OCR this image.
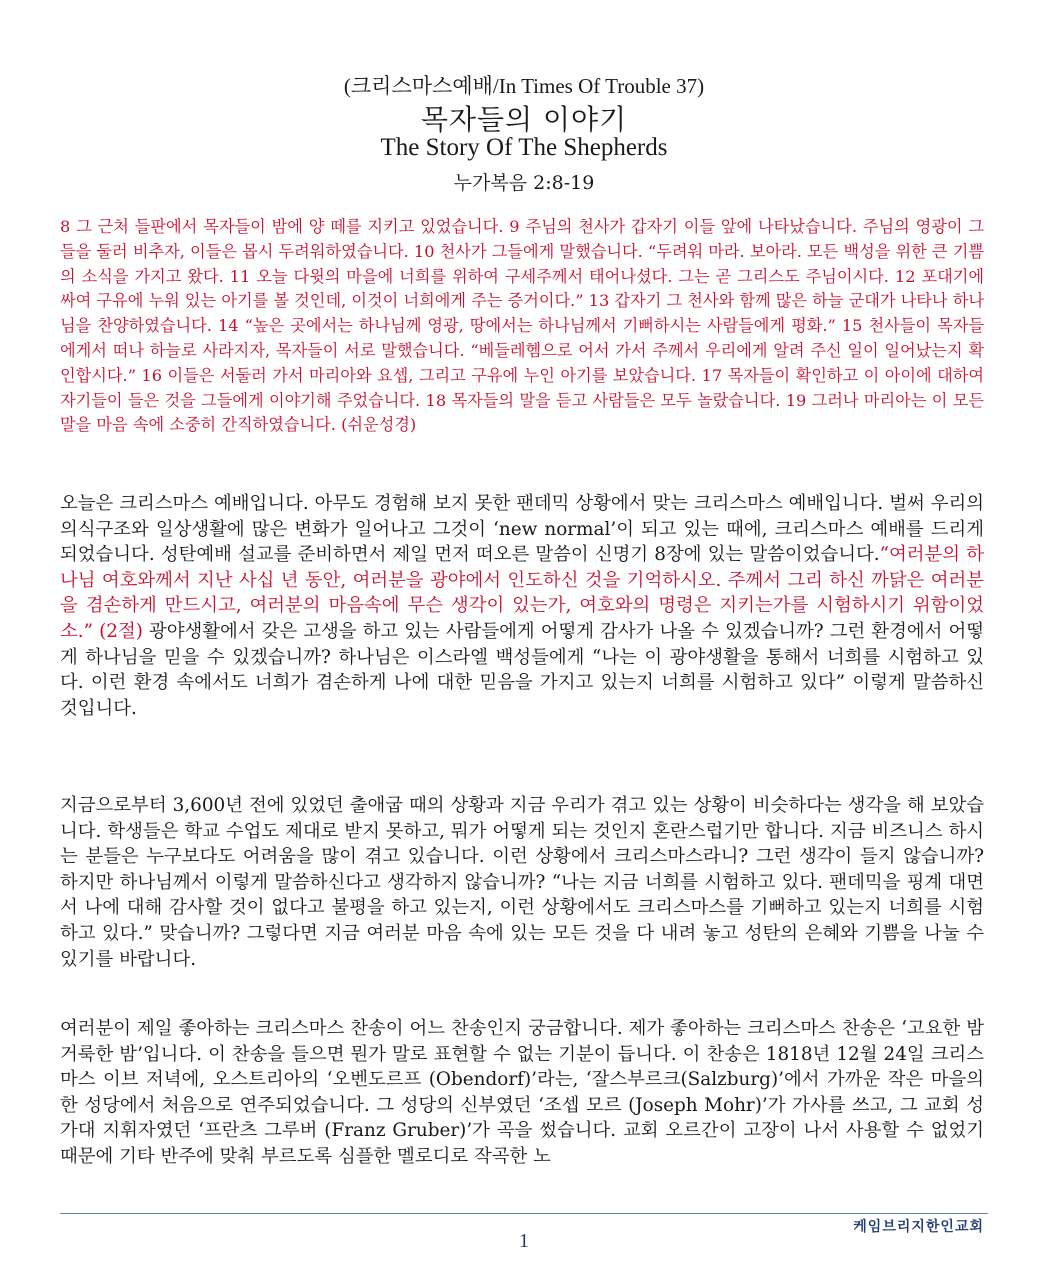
(크리스마스예배/In Times Of Trouble 37)
목자들의 이야기
The Story Of The Shepherds
누가복음 2:8-19

8 그 근처 들판에서 목자들이 밤에 양 떼를 지키고 있었습니다. 9 주님의 천사가 갑자기 이들 앞에 나타났습니다. 주님의 영광이 그들을 둘러 비추자, 이들은 몹시 두려워하였습니다. 10 천사가 그들에게 말했습니다. “두려워 마라. 보아라. 모든 백성을 위한 큰 기쁨의 소식을 가지고 왔다. 11 오늘 다윗의 마을에 너희를 위하여 구세주께서 태어나셨다. 그는 곧 그리스도 주님이시다. 12 포대기에 싸여 구유에 누워 있는 아기를 볼 것인데, 이것이 너희에게 주는 증거이다.” 13 갑자기 그 천사와 함께 많은 하늘 군대가 나타나 하나님을 찬양하였습니다. 14 “높은 곳에서는 하나님께 영광, 땅에서는 하나님께서 기뻐하시는 사람들에게 평화.” 15 천사들이 목자들에게서 떠나 하늘로 사라지자, 목자들이 서로 말했습니다. “베들레헴으로 어서 가서 주께서 우리에게 알려 주신 일이 일어났는지 확인합시다.” 16 이들은 서둘러 가서 마리아와 요셉, 그리고 구유에 누인 아기를 보았습니다. 17 목자들이 확인하고 이 아이에 대하여 자기들이 들은 것을 그들에게 이야기해 주었습니다. 18 목자들의 말을 듣고 사람들은 모두 놀랐습니다. 19 그러나 마리아는 이 모든 말을 마음 속에 소중히 간직하였습니다. (쉬운성경)

오늘은 크리스마스 예배입니다. 아무도 경험해 보지 못한 팬데믹 상황에서 맞는 크리스마스 예배입니다. 벌써 우리의 의식구조와 일상생활에 많은 변화가 일어나고 그것이 ‘new normal’이 되고 있는 때에, 크리스마스 예배를 드리게 되었습니다. 성탄예배 설교를 준비하면서 제일 먼저 떠오른 말씀이 신명기 8장에 있는 말씀이었습니다.“여러분의 하나님 여호와께서 지난 사십 년 동안, 여러분을 광야에서 인도하신 것을 기억하시오. 주께서 그리 하신 까닭은 여러분을 겸손하게 만드시고, 여러분의 마음속에 무슨 생각이 있는가, 여호와의 명령은 지키는가를 시험하시기 위함이었소.” (2절) 광야생활에서 갖은 고생을 하고 있는 사람들에게 어떻게 감사가 나올 수 있겠습니까? 그런 환경에서 어떻게 하나님을 믿을 수 있겠습니까? 하나님은 이스라엘 백성들에게 “나는 이 광야생활을 통해서 너희를 시험하고 있다. 이런 환경 속에서도 너희가 겸손하게 나에 대한 믿음을 가지고 있는지 너희를 시험하고 있다” 이렇게 말씀하신 것입니다.

지금으로부터 3,600년 전에 있었던 출애굽 때의 상황과 지금 우리가 겪고 있는 상황이 비슷하다는 생각을 해 보았습니다. 학생들은 학교 수업도 제대로 받지 못하고, 뭐가 어떻게 되는 것인지 혼란스럽기만 합니다. 지금 비즈니스 하시는 분들은 누구보다도 어려움을 많이 겪고 있습니다. 이런 상황에서 크리스마스라니? 그런 생각이 들지 않습니까? 하지만 하나님께서 이렇게 말씀하신다고 생각하지 않습니까? “나는 지금 너희를 시험하고 있다. 팬데믹을 핑계 대면서 나에 대해 감사할 것이 없다고 불평을 하고 있는지, 이런 상황에서도 크리스마스를 기뻐하고 있는지 너희를 시험하고 있다.” 맞습니까? 그렇다면 지금 여러분 마음 속에 있는 모든 것을 다 내려 놓고 성탄의 은혜와 기쁨을 나눌 수 있기를 바랍니다.

여러분이 제일 좋아하는 크리스마스 찬송이 어느 찬송인지 궁금합니다. 제가 좋아하는 크리스마스 찬송은 ‘고요한 밤 거룩한 밤’입니다. 이 찬송을 들으면 뭔가 말로 표현할 수 없는 기분이 듭니다. 이 찬송은 1818년 12월 24일 크리스마스 이브 저녁에, 오스트리아의 ‘오벤도르프 (Obendorf)’라는, ‘잘스부르크(Salzburg)’에서 가까운 작은 마을의 한 성당에서 처음으로 연주되었습니다. 그 성당의 신부였던 ‘조셉 모르 (Joseph Mohr)’가 가사를 쓰고, 그 교회 성가대 지휘자였던 ‘프란츠 그루버 (Franz Gruber)’가 곡을 썼습니다. 교회 오르간이 고장이 나서 사용할 수 없었기 때문에 기타 반주에 맞춰 부르도록 심플한 멜로디로 작곡한 노

케임브리지한인교회
1
